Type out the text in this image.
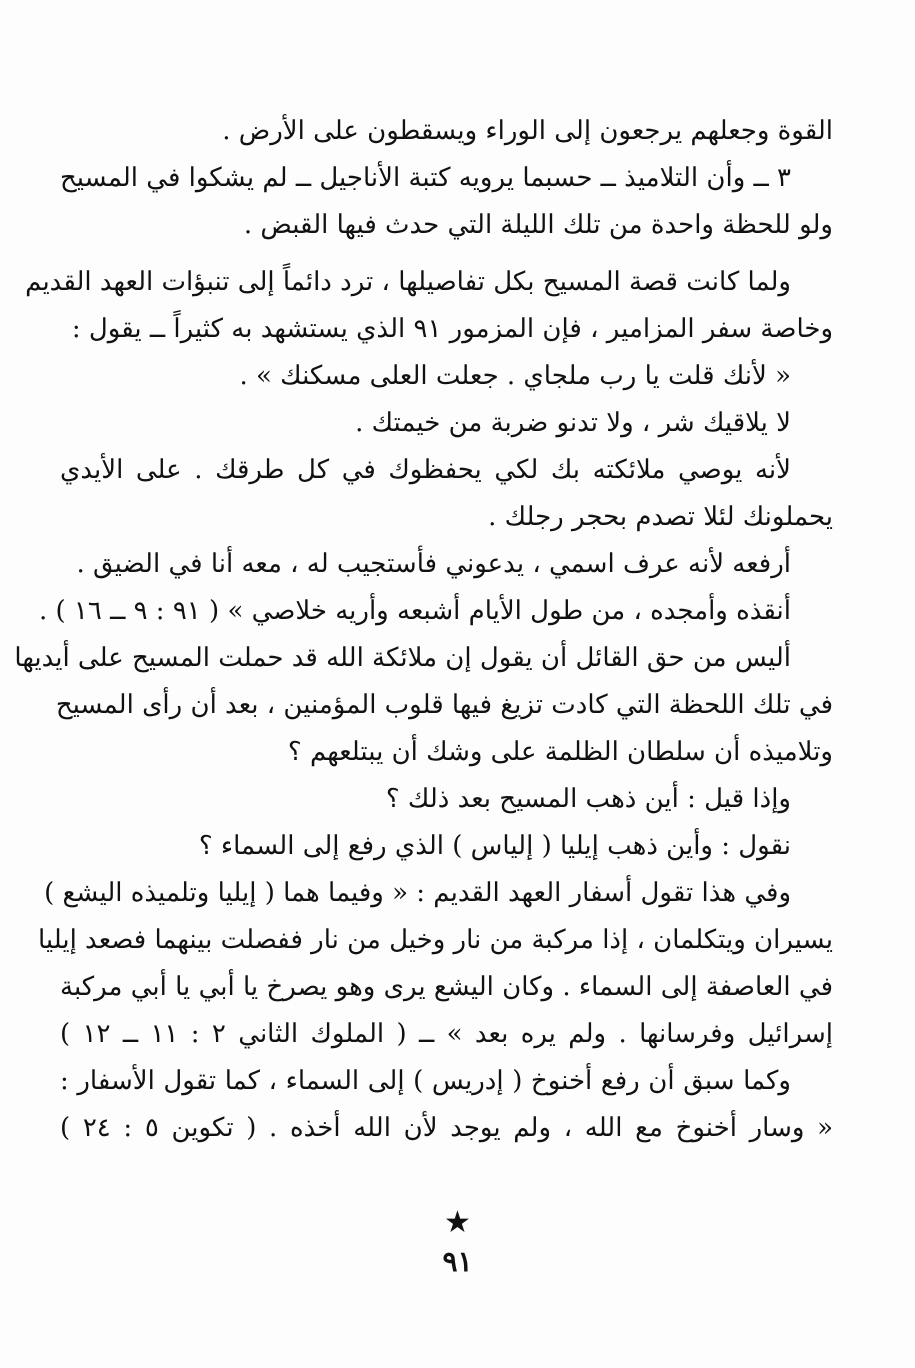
القوة وجعلهم يرجعون إلى الوراء ويسقطون على الأرض .
٣ ــ وأن التلاميذ ــ حسبما يرويه كتبة الأناجيل ــ لم يشكوا في المسيح
ولو للحظة واحدة من تلك الليلة التي حدث فيها القبض .
ولما كانت قصة المسيح بكل تفاصيلها ، ترد دائماً إلى تنبؤات العهد القديم
وخاصة سفر المزامير ، فإن المزمور ٩١ الذي يستشهد به كثيراً ــ يقول :
« لأنك قلت يا رب ملجاي . جعلت العلى مسكنك » .
لا يلاقيك شر ، ولا تدنو ضربة من خيمتك .
لأنه يوصي ملائكته بك لكي يحفظوك في كل طرقك . على الأيدي
يحملونك لئلا تصدم بحجر رجلك .
أرفعه لأنه عرف اسمي ، يدعوني فأستجيب له ، معه أنا في الضيق .
أنقذه وأمجده ، من طول الأيام أشبعه وأريه خلاصي » ( ٩١ : ٩ ــ ١٦ ) .
أليس من حق القائل أن يقول إن ملائكة الله قد حملت المسيح على أيديها
في تلك اللحظة التي كادت تزيغ فيها قلوب المؤمنين ، بعد أن رأى المسيح
وتلاميذه أن سلطان الظلمة على وشك أن يبتلعهم ؟
وإذا قيل : أين ذهب المسيح بعد ذلك ؟
نقول : وأين ذهب إيليا ( إلياس ) الذي رفع إلى السماء ؟
وفي هذا تقول أسفار العهد القديم : « وفيما هما ( إيليا وتلميذه اليشع )
يسيران ويتكلمان ، إذا مركبة من نار وخيل من نار ففصلت بينهما فصعد إيليا
في العاصفة إلى السماء . وكان اليشع يرى وهو يصرخ يا أبي يا أبي مركبة
إسرائيل وفرسانها . ولم يره بعد » ــ ( الملوك الثاني ٢ : ١١ ــ ١٢ )
وكما سبق أن رفع أخنوخ ( إدريس ) إلى السماء ، كما تقول الأسفار :
« وسار أخنوخ مع الله ، ولم يوجد لأن الله أخذه . ( تكوين ٥ : ٢٤ )
★
٩١
